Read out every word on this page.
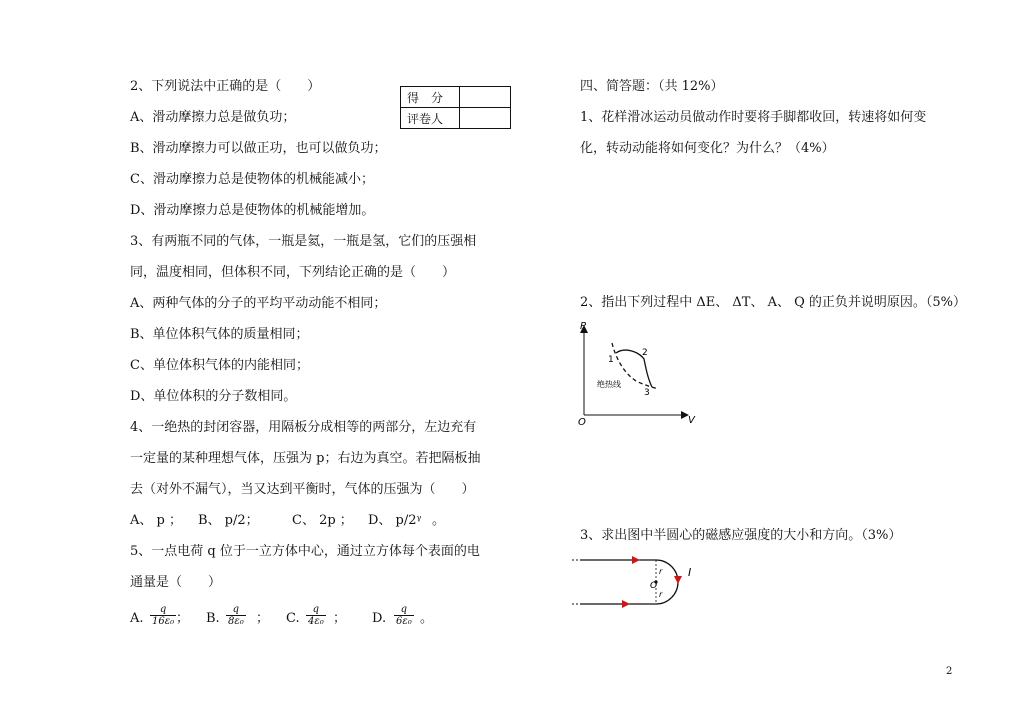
2、下列说法中正确的是（　　）
得　分	
评卷人	
A、滑动摩擦力总是做负功；
B、滑动摩擦力可以做正功，也可以做负功；
C、滑动摩擦力总是使物体的机械能减小；
D、滑动摩擦力总是使物体的机械能增加。
3、有两瓶不同的气体，一瓶是氦，一瓶是氢，它们的压强相
同，温度相同，但体积不同，下列结论正确的是（　　）
A、两种气体的分子的平均平动动能不相同；
B、单位体积气体的质量相同；
C、单位体积气体的内能相同；
D、单位体积的分子数相同。
4、一绝热的封闭容器，用隔板分成相等的两部分，左边充有
一定量的某种理想气体，压强为 p；右边为真空。若把隔板抽
去（对外不漏气），当又达到平衡时，气体的压强为（　　）
A、 p ； B、 p/2；	C、 2p ； D、 p/2ᵞ 。
5、一点电荷 q 位于一立方体中心，通过立方体每个表面的电
通量是（　　）
A. $\frac{q}{\text{16ε₀}}$ ； B. $\frac{q}{\text{8ε₀}}$ ； C. $\frac{q}{\text{4ε₀}}$ ； D. $\frac{q}{\text{6ε₀}}$ 。
四、简答题：（共 12%）
1、花样滑冰运动员做动作时要将手脚都收回，转速将如何变
化，转动动能将如何变化？为什么？（4%）
2、指出下列过程中 ΔE、 ΔT、 A、 Q 的正负并说明原因。（5%）
P
V
O
1
2
3
绝热线
3、求出图中半圆心的磁感应强度的大小和方向。（3%）
I
O
r
r
2
